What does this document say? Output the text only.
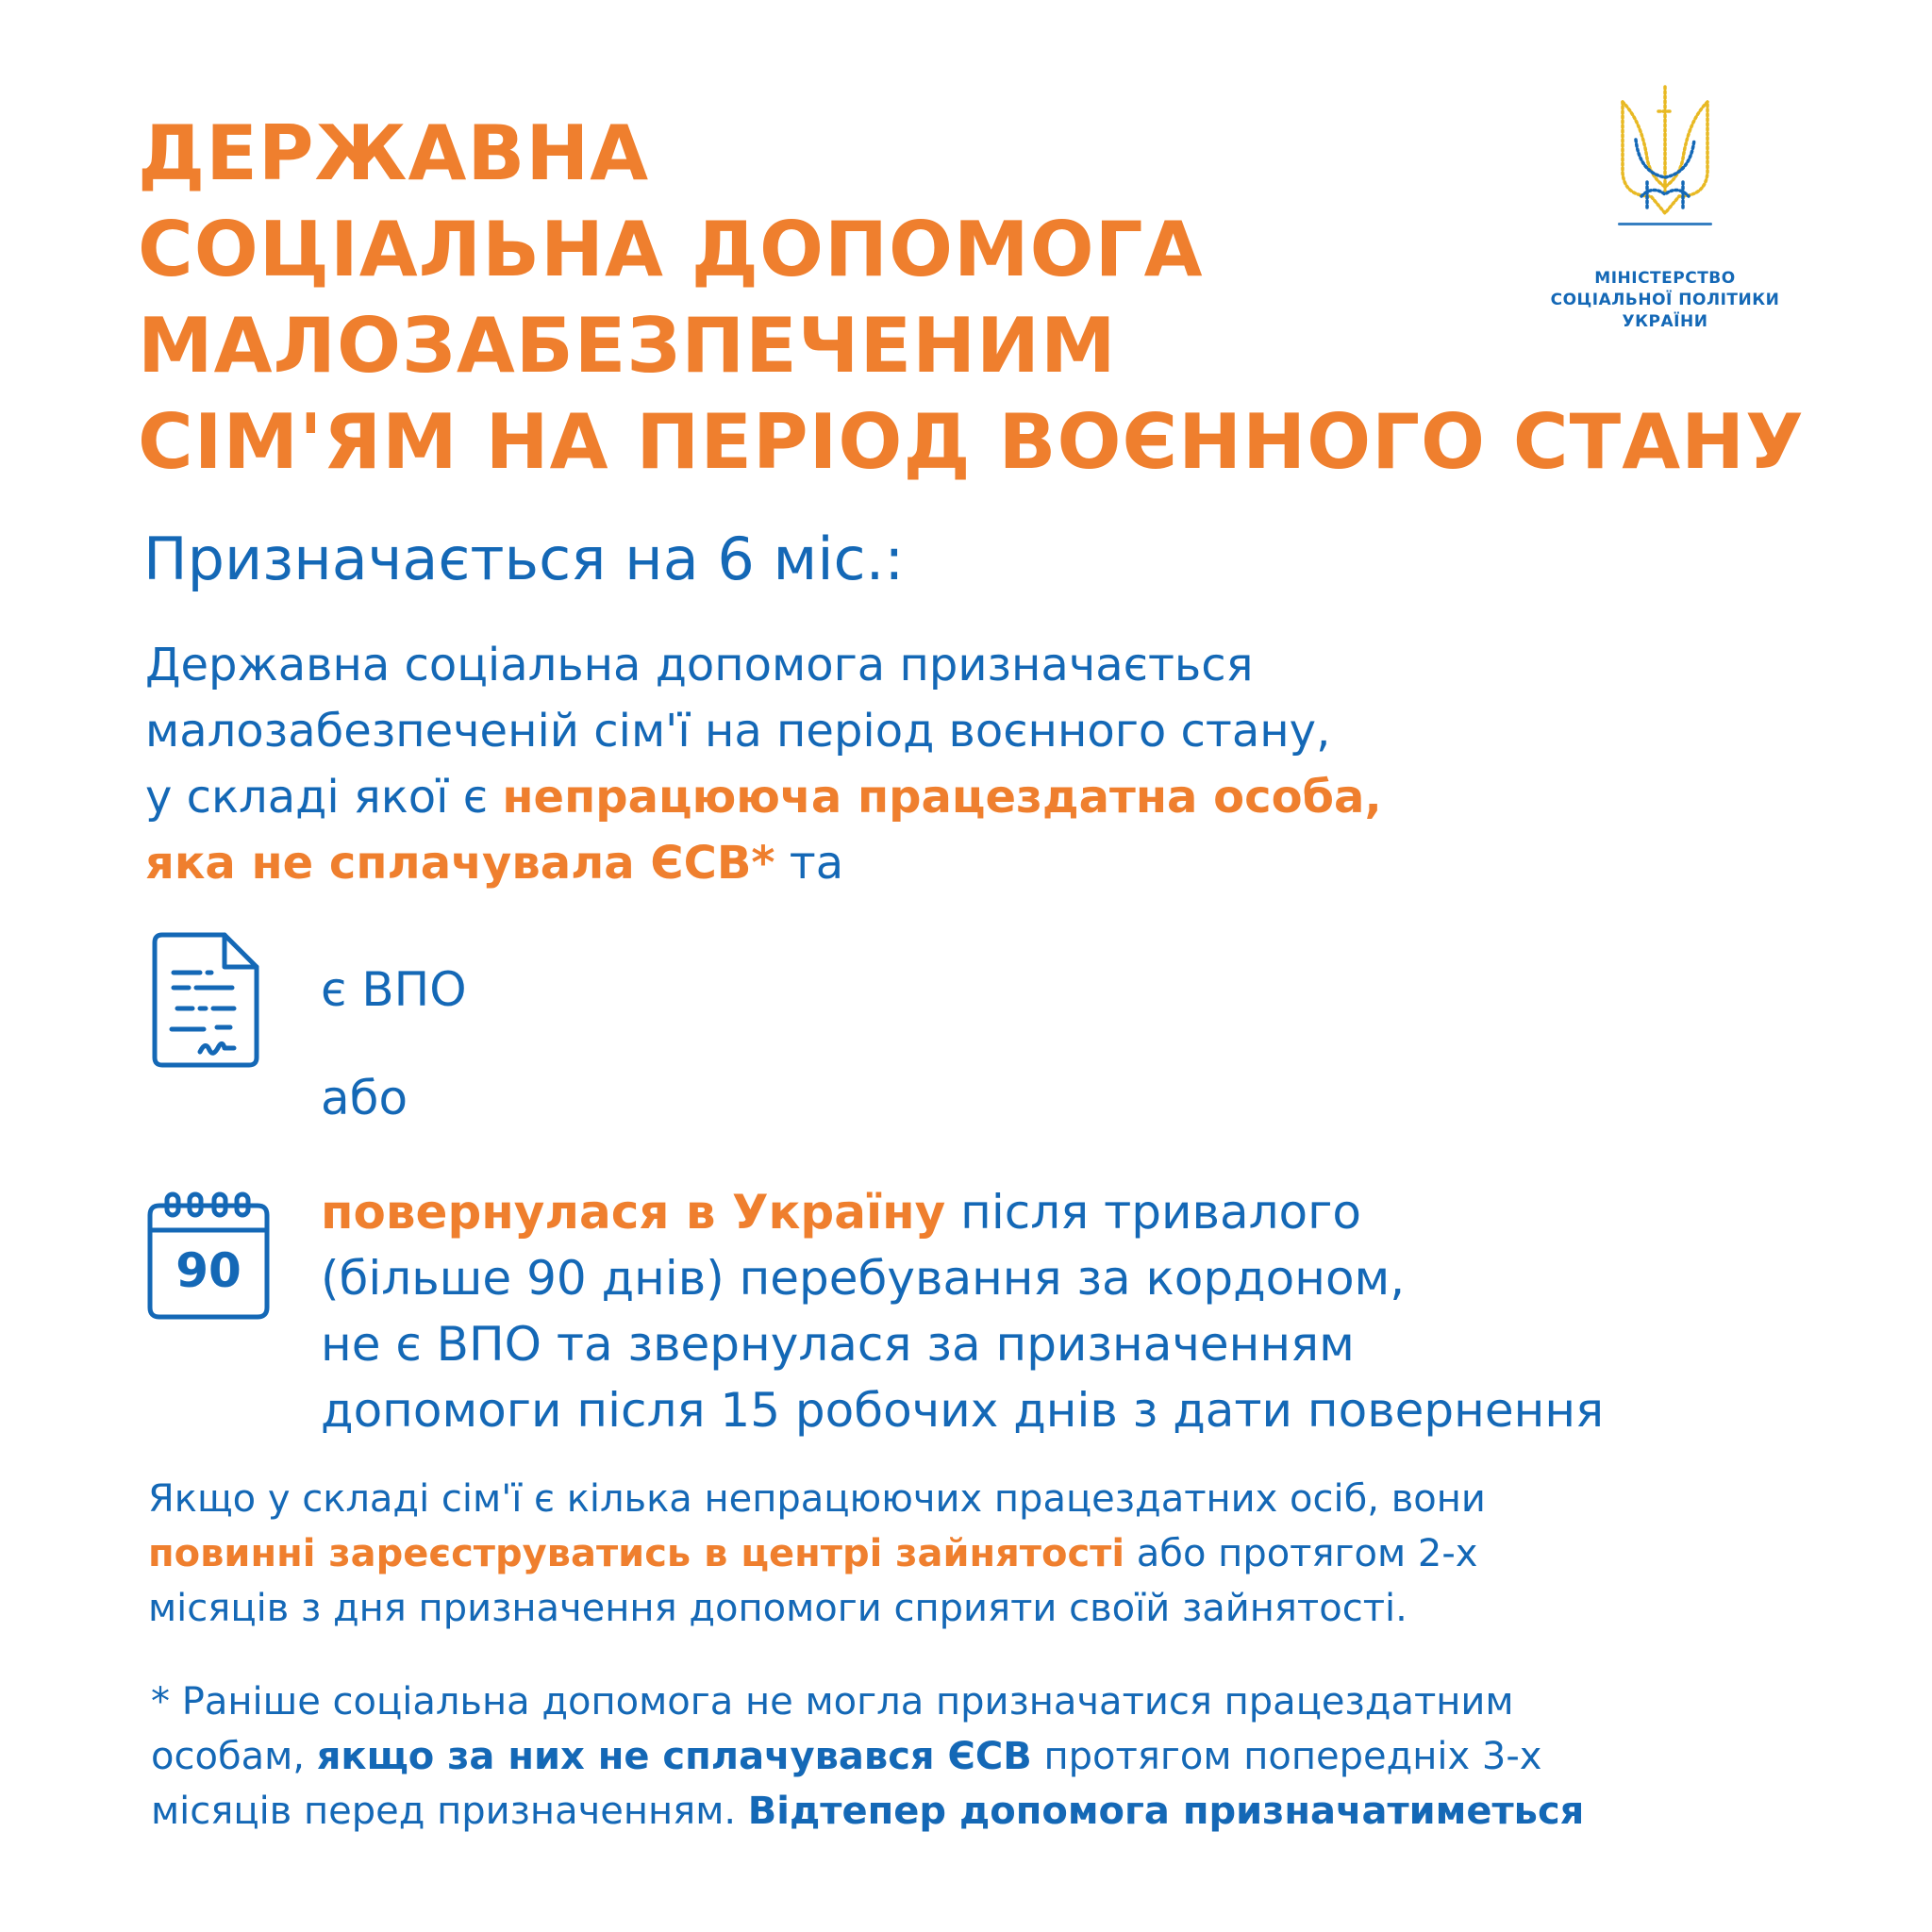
ДЕРЖАВНА
СОЦІАЛЬНА ДОПОМОГА
МАЛОЗАБЕЗПЕЧЕНИМ
СІМ'ЯМ НА ПЕРІОД ВОЄННОГО СТАНУ
МІНІСТЕРСТВО
СОЦІАЛЬНОЇ ПОЛІТИКИ
УКРАЇНИ
Призначається на 6 міс.:
Державна соціальна допомога призначається
малозабезпеченій сім'ї на період воєнного стану,
у складі якої є непрацююча працездатна особа,
яка не сплачувала ЄСВ* та
є ВПО
або
90
повернулася в Україну після тривалого
(більше 90 днів) перебування за кордоном,
не є ВПО та звернулася за призначенням
допомоги після 15 робочих днів з дати повернення
Якщо у складі сім'ї є кілька непрацюючих працездатних осіб, вони
повинні зареєструватись в центрі зайнятості або протягом 2-х
місяців з дня призначення допомоги сприяти своїй зайнятості.
* Раніше соціальна допомога не могла призначатися працездатним
особам, якщо за них не сплачувався ЄСВ протягом попередніх 3-х
місяців перед призначенням. Відтепер допомога призначатиметься
